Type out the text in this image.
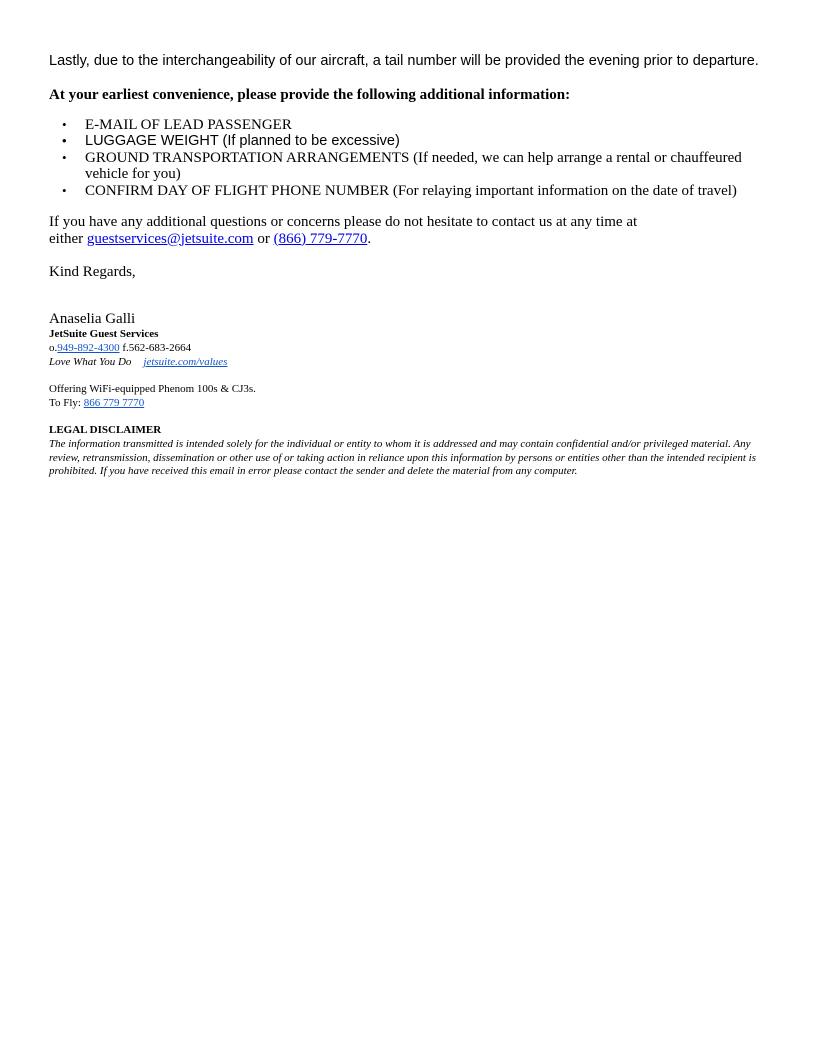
Lastly, due to the interchangeability of our aircraft, a tail number will be provided the evening prior to departure.
At your earliest convenience, please provide the following additional information:
• E-MAIL OF LEAD PASSENGER
• LUGGAGE WEIGHT (If planned to be excessive)
• GROUND TRANSPORTATION ARRANGEMENTS (If needed, we can help arrange a rental or chauffeured vehicle for you)
• CONFIRM DAY OF FLIGHT PHONE NUMBER (For relaying important information on the date of travel)
If you have any additional questions or concerns please do not hesitate to contact us at any time at
either guestservices@jetsuite.com or (866) 779-7770.
Kind Regards,
Anaselia Galli
JetSuite Guest Services
o.949-892-4300 f.562-683-2664
Love What You Do jetsuite.com/values
Offering WiFi-equipped Phenom 100s & CJ3s.
To Fly: 866 779 7770
LEGAL DISCLAIMER
The information transmitted is intended solely for the individual or entity to whom it is addressed and may contain confidential and/or privileged material. Any review, retransmission, dissemination or other use of or taking action in reliance upon this information by persons or entities other than the intended recipient is prohibited. If you have received this email in error please contact the sender and delete the material from any computer.
